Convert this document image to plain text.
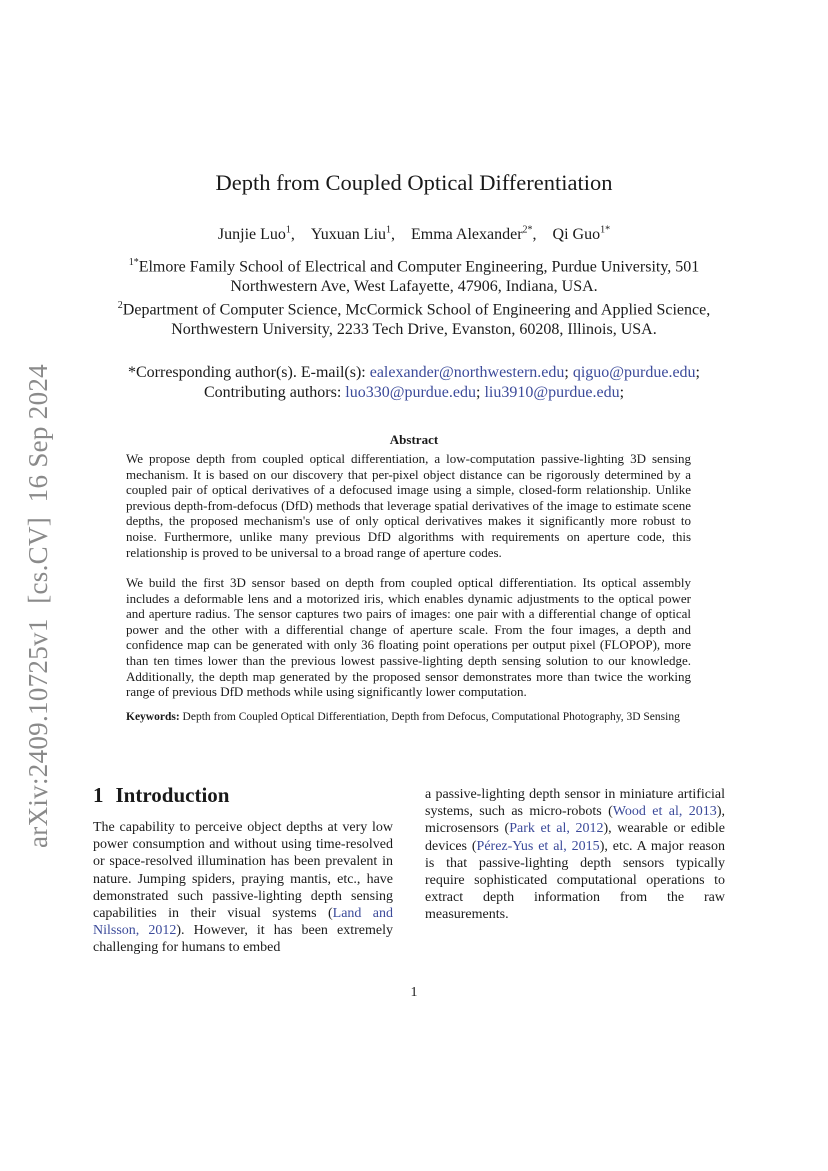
arXiv:2409.10725v1
[cs.CV]
16 Sep 2024
Depth from Coupled Optical Differentiation
Junjie Luo$^1$, Yuxuan Liu$^1$, Emma Alexander$^{2*}$, Qi Guo$^{1*}$
$^{1*}$Elmore Family School of Electrical and Computer Engineering, Purdue University, 501 Northwestern Ave, West Lafayette, 47906, Indiana, USA.
$^2$Department of Computer Science, McCormick School of Engineering and Applied Science, Northwestern University, 2233 Tech Drive, Evanston, 60208, Illinois, USA.
*Corresponding author(s). E-mail(s): ealexander@northwestern.edu; qiguo@purdue.edu;
Contributing authors: luo330@purdue.edu; liu3910@purdue.edu;
Abstract
We propose depth from coupled optical differentiation, a low-computation passive-lighting 3D sensing mechanism. It is based on our discovery that per-pixel object distance can be rigorously determined by a coupled pair of optical derivatives of a defocused image using a simple, closed-form relationship. Unlike previous depth-from-defocus (DfD) methods that leverage spatial derivatives of the image to estimate scene depths, the proposed mechanism's use of only optical derivatives makes it significantly more robust to noise. Furthermore, unlike many previous DfD algorithms with requirements on aperture code, this relationship is proved to be universal to a broad range of aperture codes.
We build the first 3D sensor based on depth from coupled optical differentiation. Its optical assembly includes a deformable lens and a motorized iris, which enables dynamic adjustments to the optical power and aperture radius. The sensor captures two pairs of images: one pair with a differential change of optical power and the other with a differential change of aperture scale. From the four images, a depth and confidence map can be generated with only 36 floating point operations per output pixel (FLOPOP), more than ten times lower than the previous lowest passive-lighting depth sensing solution to our knowledge. Additionally, the depth map generated by the proposed sensor demonstrates more than twice the working range of previous DfD methods while using significantly lower computation.
Keywords: Depth from Coupled Optical Differentiation, Depth from Defocus, Computational Photography, 3D Sensing
1 Introduction
The capability to perceive object depths at very low power consumption and without using time-resolved or space-resolved illumination has been prevalent in nature. Jumping spiders, praying mantis, etc., have demonstrated such passive-lighting depth sensing capabilities in their visual systems (Land and Nilsson, 2012). However, it has been extremely challenging for humans to embed
a passive-lighting depth sensor in miniature artificial systems, such as micro-robots (Wood et al, 2013), microsensors (Park et al, 2012), wearable or edible devices (Pérez-Yus et al, 2015), etc. A major reason is that passive-lighting depth sensors typically require sophisticated computational operations to extract depth information from the raw measurements.
1
